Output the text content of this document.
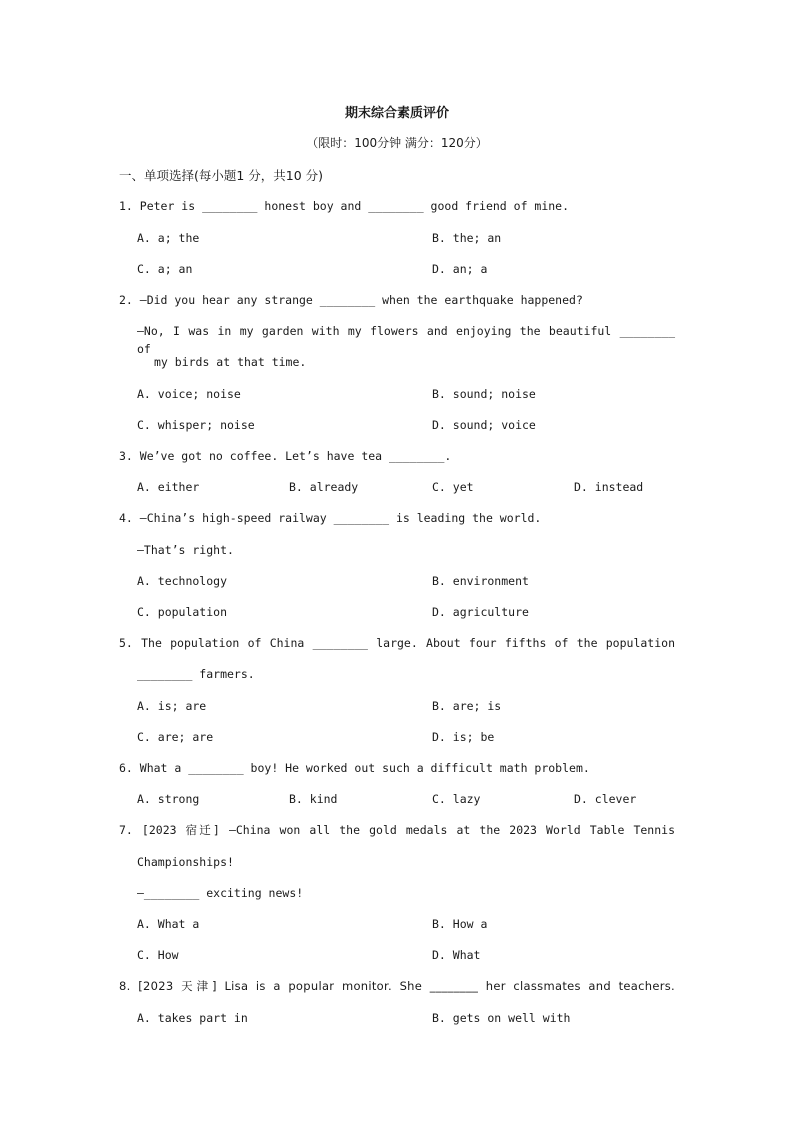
期末综合素质评价
（限时：100分钟 满分：120分）
一、单项选择(每小题1 分，共10 分)
1. Peter is ________ honest boy and ________ good friend of mine.
A. a; the	B. the; an
C. a; an	D. an; a
2. —Did you hear any strange ________ when the earthquake happened?
—No, I was in my garden with my flowers and enjoying the beautiful ________ of
my birds at that time.
A. voice; noise	B. sound; noise
C. whisper; noise	D. sound; voice
3. We’ve got no coffee. Let’s have tea ________.
A. either	B. already	C. yet	D. instead
4. —China’s high-speed railway ________ is leading the world.
—That’s right.
A. technology	B. environment
C. population	D. agriculture
5. The population of China ________ large. About four fifths of the population
________ farmers.
A. is; are	B. are; is
C. are; are	D. is; be
6. What a ________ boy! He worked out such a difficult math problem.
A. strong	B. kind	C. lazy	D. clever
7. [2023 宿迁] —China won all the gold medals at the 2023 World Table Tennis
Championships!
—________ exciting news!
A. What a	B. How a
C. How	D. What
8. [2023 天津] Lisa is a popular monitor. She ________ her classmates and teachers.
A. takes part in	B. gets on well with
